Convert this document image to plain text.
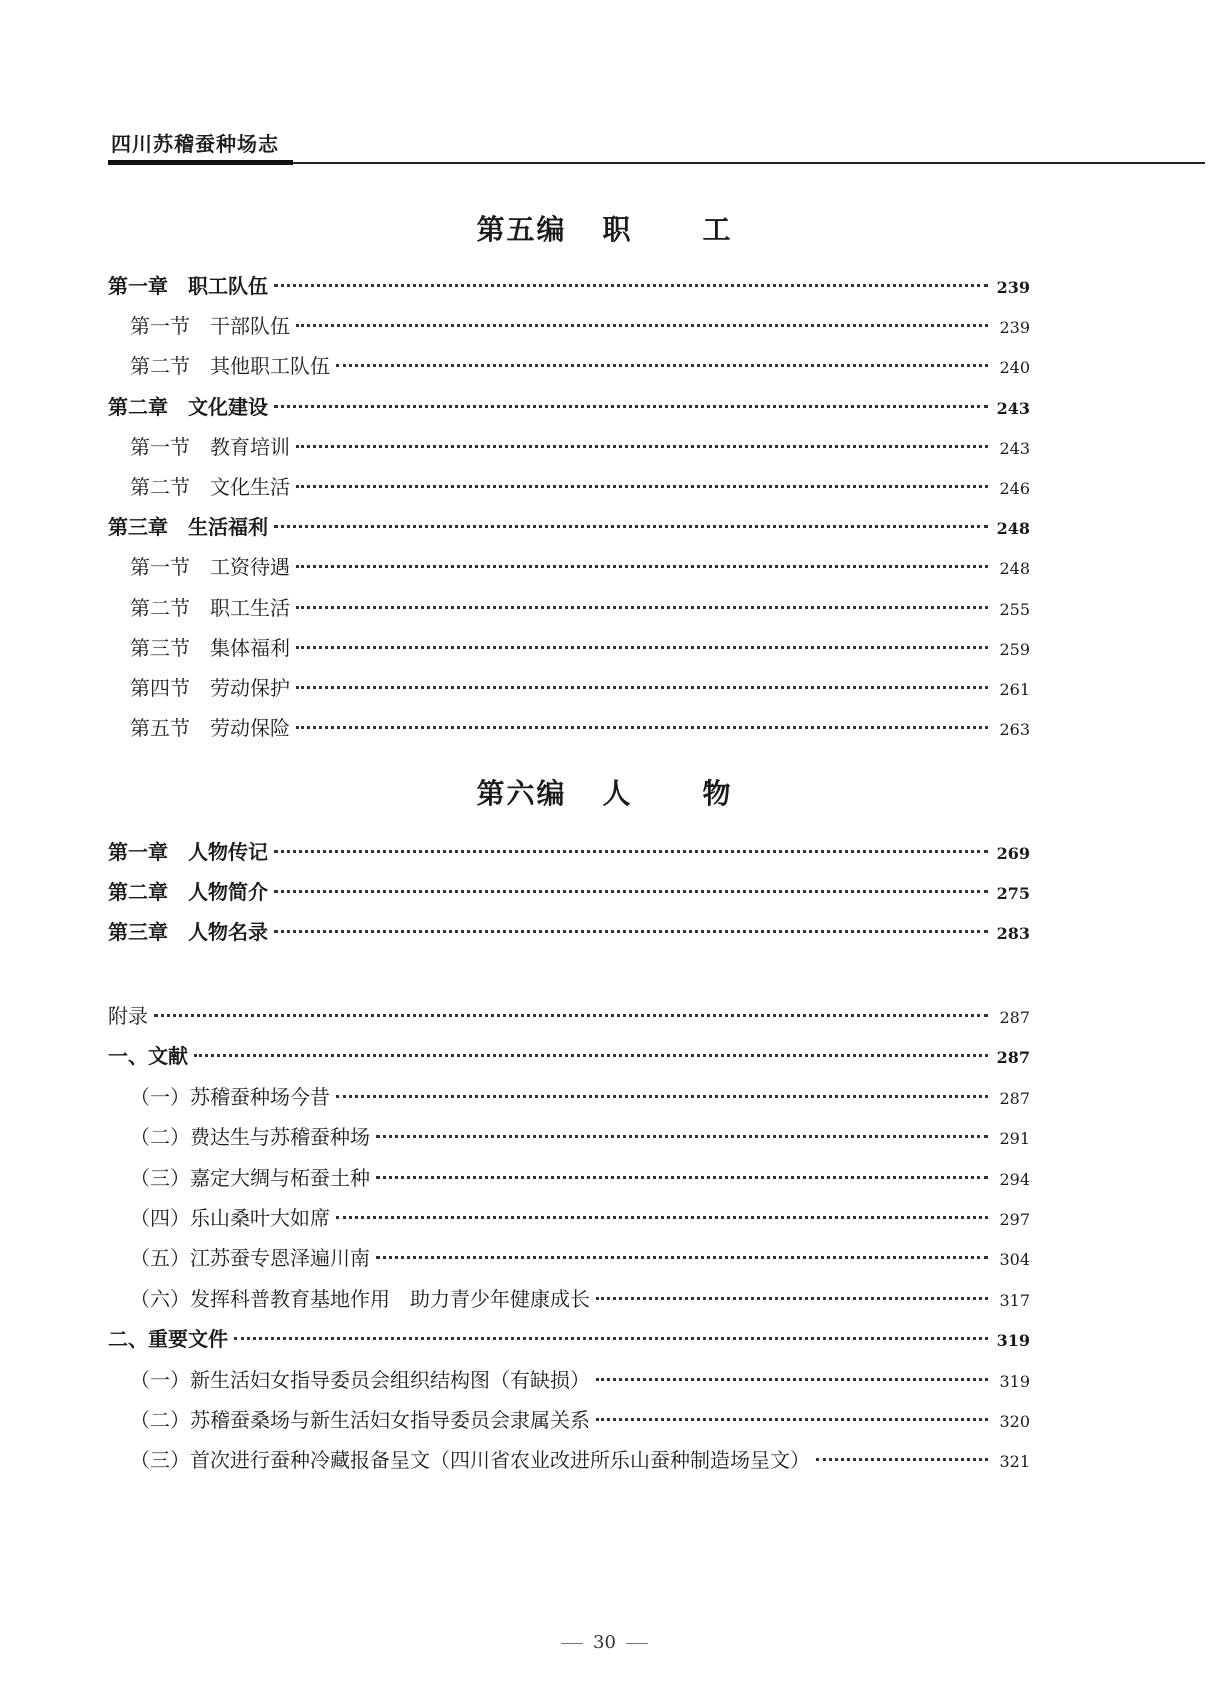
四川苏稽蚕种场志
第五编 职	工
第六编 人	物
第一章 职工队伍	239
第一节 干部队伍	239
第二节 其他职工队伍	240
第二章 文化建设	243
第一节 教育培训	243
第二节 文化生活	246
第三章 生活福利	248
第一节 工资待遇	248
第二节 职工生活	255
第三节 集体福利	259
第四节 劳动保护	261
第五节 劳动保险	263
第一章 人物传记	269
第二章 人物简介	275
第三章 人物名录	283
附录	287
一、文献	287
（一）苏稽蚕种场今昔	287
（二）费达生与苏稽蚕种场	291
（三）嘉定大绸与柘蚕土种	294
（四）乐山桑叶大如席	297
（五）江苏蚕专恩泽遍川南	304
（六）发挥科普教育基地作用　助力青少年健康成长	317
二、重要文件	319
（一）新生活妇女指导委员会组织结构图（有缺损）	319
（二）苏稽蚕桑场与新生活妇女指导委员会隶属关系	320
（三）首次进行蚕种冷藏报备呈文（四川省农业改进所乐山蚕种制造场呈文）	321
30
